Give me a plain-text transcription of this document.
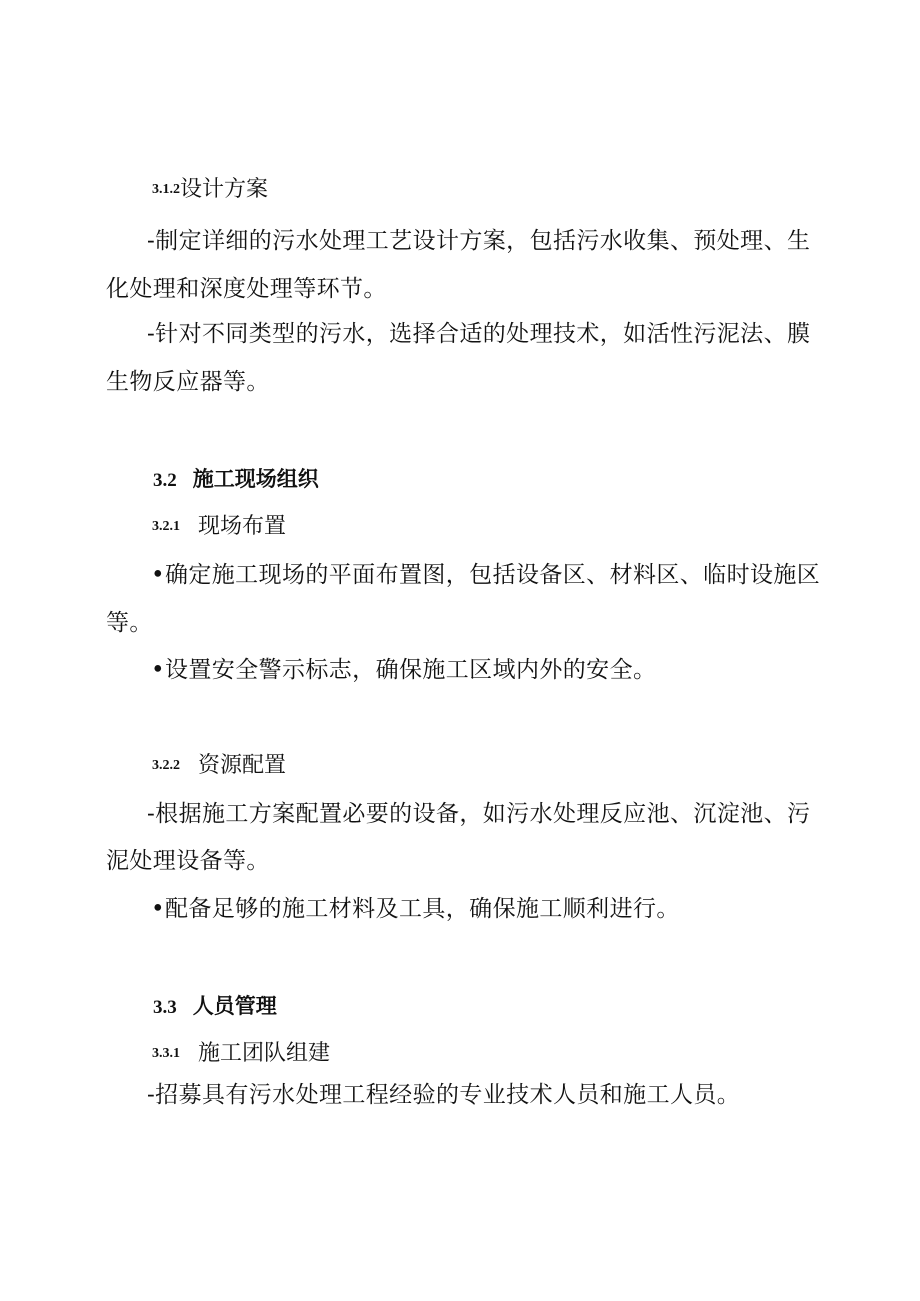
3.1.2设计方案
-制定详细的污水处理工艺设计方案，包括污水收集、预处理、生
化处理和深度处理等环节。
-针对不同类型的污水，选择合适的处理技术，如活性污泥法、膜
生物反应器等。
3.2 施工现场组织
3.2.1 现场布置
•确定施工现场的平面布置图，包括设备区、材料区、临时设施区
等。
•设置安全警示标志，确保施工区域内外的安全。
3.2.2 资源配置
-根据施工方案配置必要的设备，如污水处理反应池、沉淀池、污
泥处理设备等。
•配备足够的施工材料及工具，确保施工顺利进行。
3.3 人员管理
3.3.1 施工团队组建
-招募具有污水处理工程经验的专业技术人员和施工人员。
